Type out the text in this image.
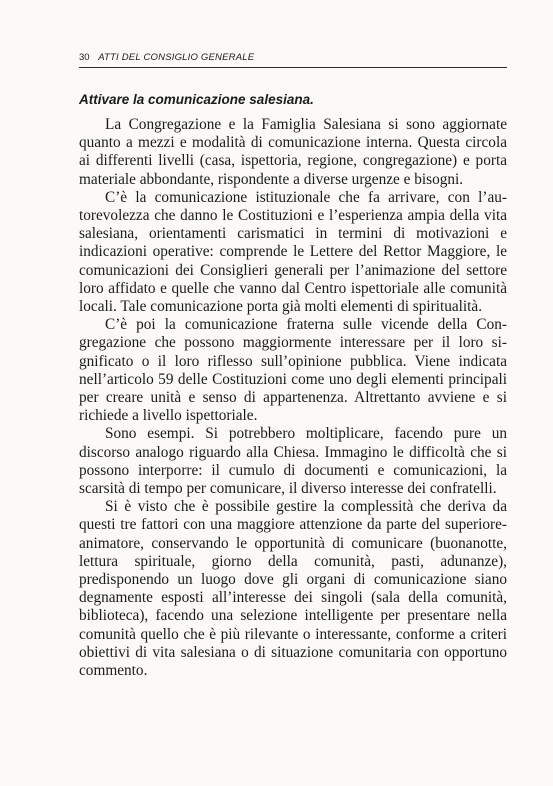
30 ATTI DEL CONSIGLIO GENERALE
Attivare la comunicazione salesiana.

La Congregazione e la Famiglia Salesiana si sono aggiornate quanto a mezzi e modalità di comunicazione interna. Questa circola ai differenti livelli (casa, ispettoria, regione, congregazione) e porta materiale abbondante, rispondente a diverse urgenze e bisogni.

C’è la comunicazione istituzionale che fa arrivare, con l’autorevolezza che danno le Costituzioni e l’esperienza ampia della vita salesiana, orientamenti carismatici in termini di motivazioni e indicazioni operative: comprende le Lettere del Rettor Maggiore, le comunicazioni dei Consiglieri generali per l’animazione del settore loro affidato e quelle che vanno dal Centro ispettoriale alle comunità locali. Tale comunicazione porta già molti elementi di spiritualità.

C’è poi la comunicazione fraterna sulle vicende della Congregazione che possono maggiormente interessare per il loro significato o il loro riflesso sull’opinione pubblica. Viene indicata nell’articolo 59 delle Costituzioni come uno degli elementi principali per creare unità e senso di appartenenza. Altrettanto avviene e si richiede a livello ispettoriale.

Sono esempi. Si potrebbero moltiplicare, facendo pure un discorso analogo riguardo alla Chiesa. Immagino le difficoltà che si possono interporre: il cumulo di documenti e comunicazioni, la scarsità di tempo per comunicare, il diverso interesse dei confratelli.

Si è visto che è possibile gestire la complessità che deriva da questi tre fattori con una maggiore attenzione da parte del superiore-animatore, conservando le opportunità di comunicare (buonanotte, lettura spirituale, giorno della comunità, pasti, adunanze), predisponendo un luogo dove gli organi di comunicazione siano degnamente esposti all’interesse dei singoli (sala della comunità, biblioteca), facendo una selezione intelligente per presentare nella comunità quello che è più rilevante o interessante, conforme a criteri obiettivi di vita salesiana o di situazione comunitaria con opportuno commento.
